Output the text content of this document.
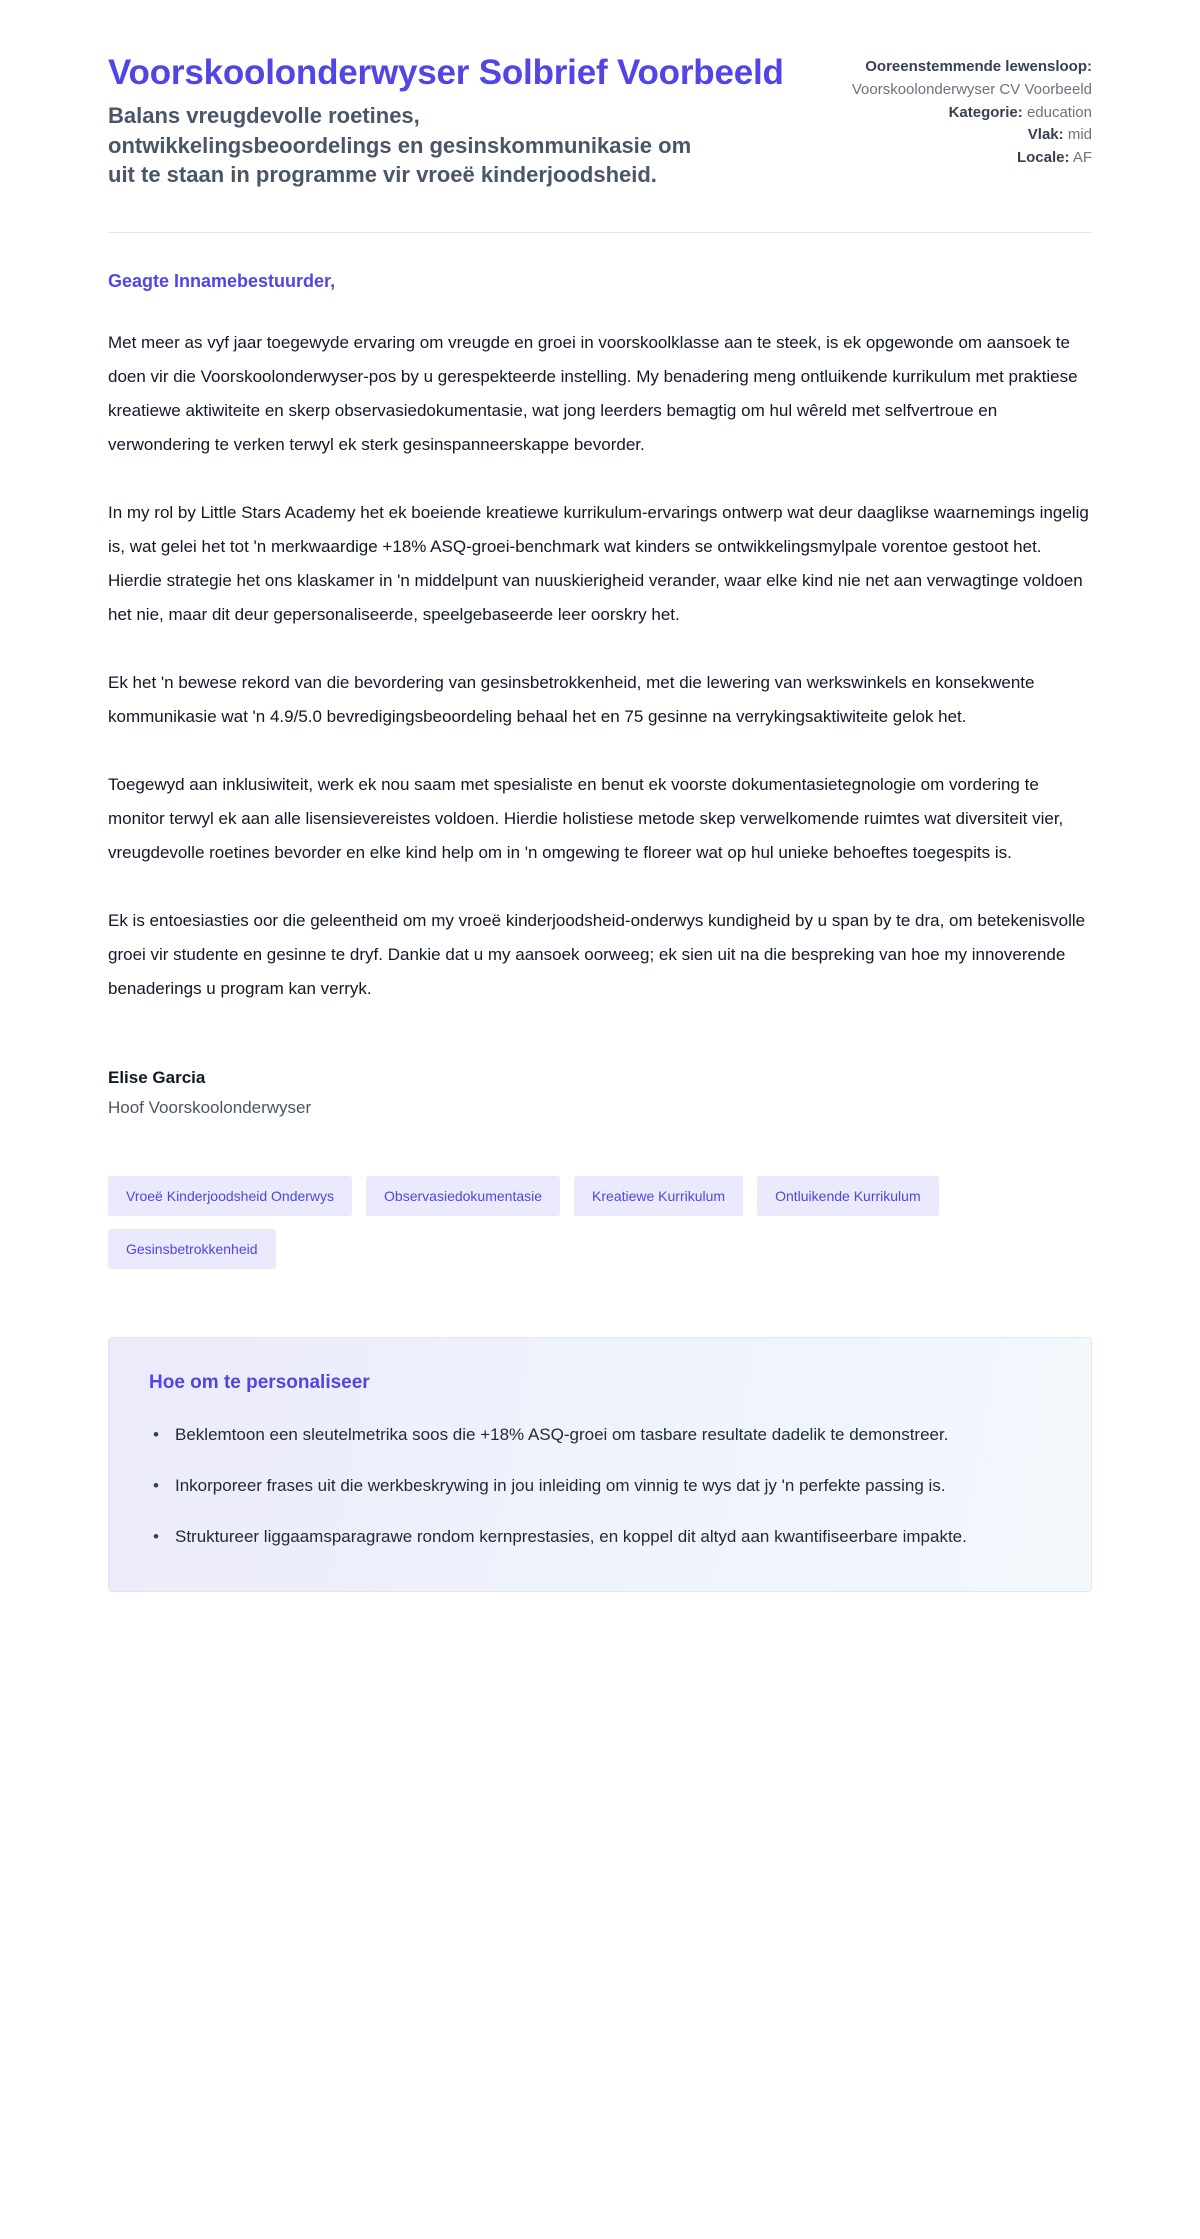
Voorskoolonderwyser Solbrief Voorbeeld
Balans vreugdevolle roetines, ontwikkelingsbeoordelings en gesinskommunikasie om uit te staan in programme vir vroeë kinderjoodsheid.
Ooreenstemmende lewensloop:
Voorskoolonderwyser CV Voorbeeld
Kategorie: education
Vlak: mid
Locale: AF

Geagte Innamebestuurder,

Met meer as vyf jaar toegewyde ervaring om vreugde en groei in voorskoolklasse aan te steek, is ek opgewonde om aansoek te doen vir die Voorskoolonderwyser-pos by u gerespekteerde instelling. My benadering meng ontluikende kurrikulum met praktiese kreatiewe aktiwiteite en skerp observasiedokumentasie, wat jong leerders bemagtig om hul wêreld met selfvertroue en verwondering te verken terwyl ek sterk gesinspanneerskappe bevorder.

In my rol by Little Stars Academy het ek boeiende kreatiewe kurrikulum-ervarings ontwerp wat deur daaglikse waarnemings ingelig is, wat gelei het tot 'n merkwaardige +18% ASQ-groei-benchmark wat kinders se ontwikkelingsmylpale vorentoe gestoot het. Hierdie strategie het ons klaskamer in 'n middelpunt van nuuskierigheid verander, waar elke kind nie net aan verwagtinge voldoen het nie, maar dit deur gepersonaliseerde, speelgebaseerde leer oorskry het.

Ek het 'n bewese rekord van die bevordering van gesinsbetrokkenheid, met die lewering van werkswinkels en konsekwente kommunikasie wat 'n 4.9/5.0 bevredigingsbeoordeling behaal het en 75 gesinne na verrykingsaktiwiteite gelok het.

Toegewyd aan inklusiwiteit, werk ek nou saam met spesialiste en benut ek voorste dokumentasietegnologie om vordering te monitor terwyl ek aan alle lisensievereistes voldoen. Hierdie holistiese metode skep verwelkomende ruimtes wat diversiteit vier, vreugdevolle roetines bevorder en elke kind help om in 'n omgewing te floreer wat op hul unieke behoeftes toegespits is.

Ek is entoesiasties oor die geleentheid om my vroeë kinderjoodsheid-onderwys kundigheid by u span by te dra, om betekenisvolle groei vir studente en gesinne te dryf. Dankie dat u my aansoek oorweeg; ek sien uit na die bespreking van hoe my innoverende benaderings u program kan verryk.

Elise Garcia

Hoof Voorskoolonderwyser

Vroeë Kinderjoodsheid Onderwys	Observasiedokumentasie	Kreatiewe Kurrikulum	Ontluikende Kurrikulum
Gesinsbetrokkenheid
Hoe om te personaliseer
• Beklemtoon een sleutelmetrika soos die +18% ASQ-groei om tasbare resultate dadelik te demonstreer.
• Inkorporeer frases uit die werkbeskrywing in jou inleiding om vinnig te wys dat jy 'n perfekte passing is.
• Struktureer liggaamsparagrawe rondom kernprestasies, en koppel dit altyd aan kwantifiseerbare impakte.
